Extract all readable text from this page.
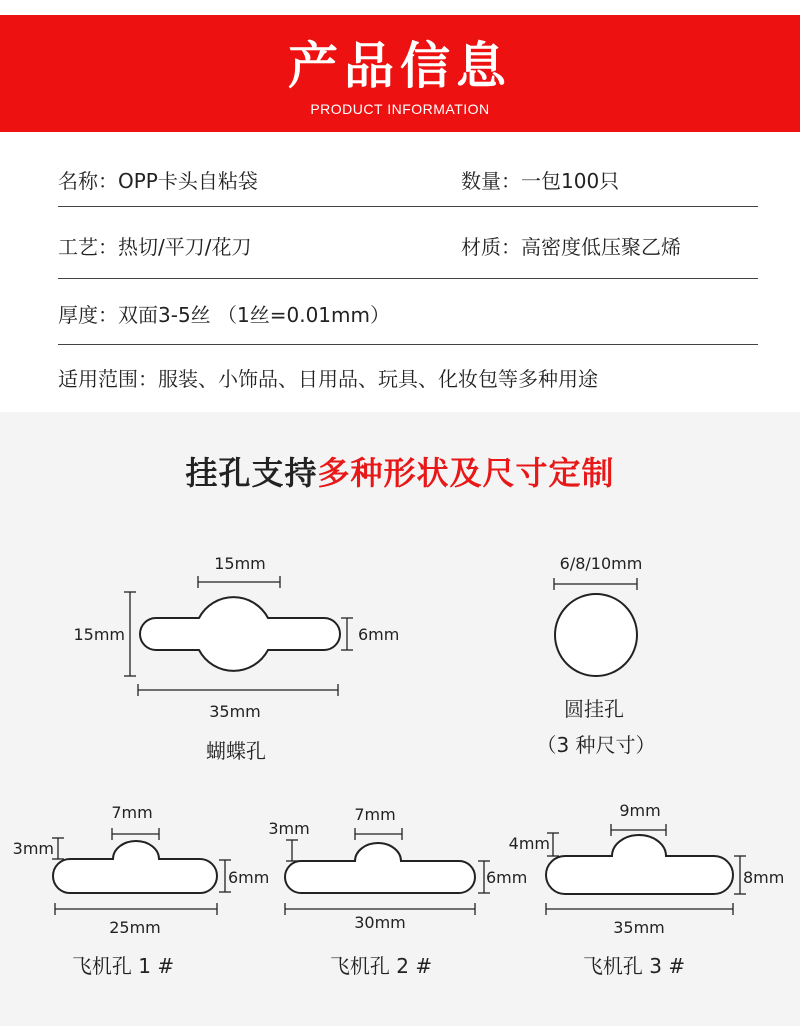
产品信息
PRODUCT INFORMATION
名称：OPP卡头自粘袋	数量：一包100只
工艺：热切/平刀/花刀	材质：高密度低压聚乙烯
厚度：双面3-5丝 （1丝=0.01mm）
适用范围：服装、小饰品、日用品、玩具、化妆包等多种用途
挂孔支持多种形状及尺寸定制
15mm
15mm	6mm
35mm
蝴蝶孔
6/8/10mm
圆挂孔
（3 种尺寸）
7mm
3mm
6mm
25mm
飞机孔 1 #
7mm
3mm
6mm
30mm
飞机孔 2 #
9mm
4mm
8mm
35mm
飞机孔 3 #
